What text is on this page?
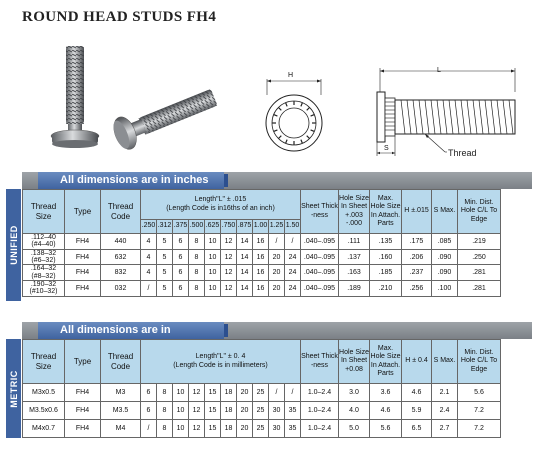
ROUND HEAD STUDS FH4
H
L
S	Thread
All dimensions are in inches
UNIFIED
Thread Size	Type	Thread Code	Length"L" ± .015
(Length Code is in16ths of an inch)										Sheet Thick -ness	Hole Size In Sheet +.003 -.000	Max. Hole Size In Attach. Parts	H ±.015	S Max.	Min. Dist. Hole C/L To Edge
			.250	.312	.375	.500	.625	.750	.875	1.00	1.25	1.50						

.112–40
(#4–40)	FH4	440	4	5	6	8	10	12	14	16	/	/	.040–.095	.111	.135	.175	.085	.219

.138–32
(#6–32)	FH4	632	4	5	6	8	10	12	14	16	20	24	.040–.095	.137	.160	.206	.090	.250

.164–32
(#8–32)	FH4	832	4	5	6	8	10	12	14	16	20	24	.040–.095	.163	.185	.237	.090	.281

.190–32
(#10–32)	FH4	032	/	5	6	8	10	12	14	16	20	24	.040–.095	.189	.210	.256	.100	.281
All dimensions are in
METRIC
Thread Size	Type	Thread Code	Length"L" ± 0. 4
(Length Code is in millimeters)										Sheet Thick -ness	Hole Size In Sheet +0.08	Max. Hole Size In Attach. Parts	H ± 0.4	S Max.	Min. Dist. Hole C/L To Edge
M3x0.5	FH4	M3	6	8	10	12	15	18	20	25	/	/	1.0–2.4	3.0	3.6	4.6	2.1	5.6
M3.5x0.6	FH4	M3.5	6	8	10	12	15	18	20	25	30	35	1.0–2.4	4.0	4.6	5.9	2.4	7.2
M4x0.7	FH4	M4	/	8	10	12	15	18	20	25	30	35	1.0–2.4	5.0	5.6	6.5	2.7	7.2
